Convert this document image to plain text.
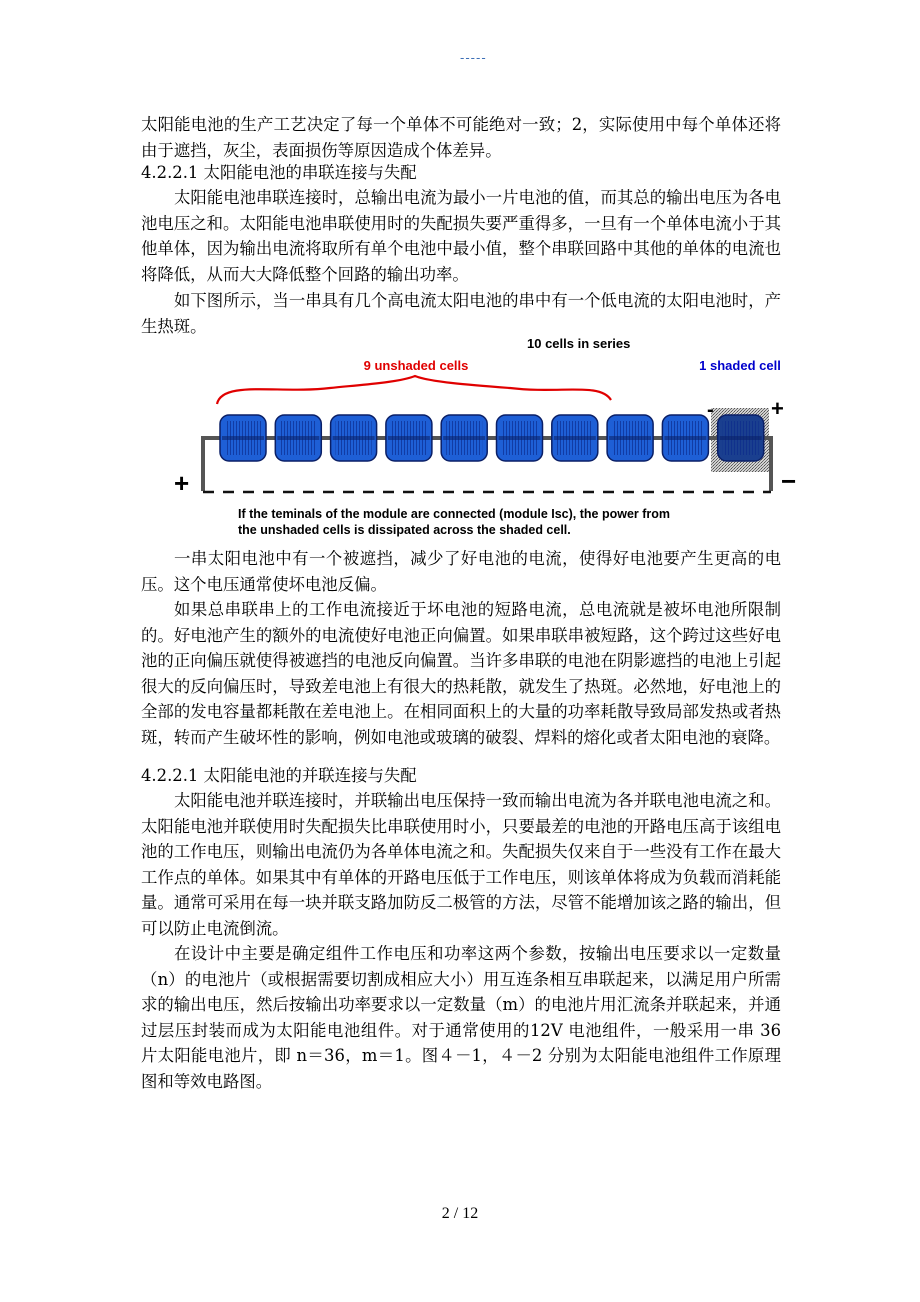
-----

太阳能电池的生产工艺决定了每一个单体不可能绝对一致；2，实际使用中每个单体还将由于遮挡，灰尘，表面损伤等原因造成个体差异。

4.2.2.1 太阳能电池的串联连接与失配

太阳能电池串联连接时，总输出电流为最小一片电池的值，而其总的输出电压为各电池电压之和。太阳能电池串联使用时的失配损失要严重得多，一旦有一个单体电流小于其他单体，因为输出电流将取所有单个电池中最小值，整个串联回路中其他的单体的电流也将降低，从而大大降低整个回路的输出功率。

如下图所示，当一串具有几个高电流太阳电池的串中有一个低电流的太阳电池时，产生热斑。

10 cells in series
9 unshaded cells	1 shaded cell
-	+
+	−
If the teminals of the module are connected (module Isc), the power from
the unshaded cells is dissipated across the shaded cell.

一串太阳电池中有一个被遮挡，减少了好电池的电流，使得好电池要产生更高的电压。这个电压通常使坏电池反偏。

如果总串联串上的工作电流接近于坏电池的短路电流，总电流就是被坏电池所限制的。好电池产生的额外的电流使好电池正向偏置。如果串联串被短路，这个跨过这些好电池的正向偏压就使得被遮挡的电池反向偏置。当许多串联的电池在阴影遮挡的电池上引起很大的反向偏压时，导致差电池上有很大的热耗散，就发生了热斑。必然地，好电池上的全部的发电容量都耗散在差电池上。在相同面积上的大量的功率耗散导致局部发热或者热斑，转而产生破坏性的影响，例如电池或玻璃的破裂、焊料的熔化或者太阳电池的衰降。

4.2.2.1 太阳能电池的并联连接与失配

太阳能电池并联连接时，并联输出电压保持一致而输出电流为各并联电池电流之和。太阳能电池并联使用时失配损失比串联使用时小，只要最差的电池的开路电压高于该组电池的工作电压，则输出电流仍为各单体电流之和。失配损失仅来自于一些没有工作在最大工作点的单体。如果其中有单体的开路电压低于工作电压，则该单体将成为负载而消耗能量。通常可采用在每一块并联支路加防反二极管的方法，尽管不能增加该之路的输出，但可以防止电流倒流。

在设计中主要是确定组件工作电压和功率这两个参数，按输出电压要求以一定数量（n）的电池片（或根据需要切割成相应大小）用互连条相互串联起来，以满足用户所需求的输出电压，然后按输出功率要求以一定数量（m）的电池片用汇流条并联起来，并通过层压封装而成为太阳能电池组件。对于通常使用的12V 电池组件，一般采用一串 36 片太阳能电池片，即 n＝36，m＝1。图４－1，４－2 分别为太阳能电池组件工作原理图和等效电路图。

2 / 12
